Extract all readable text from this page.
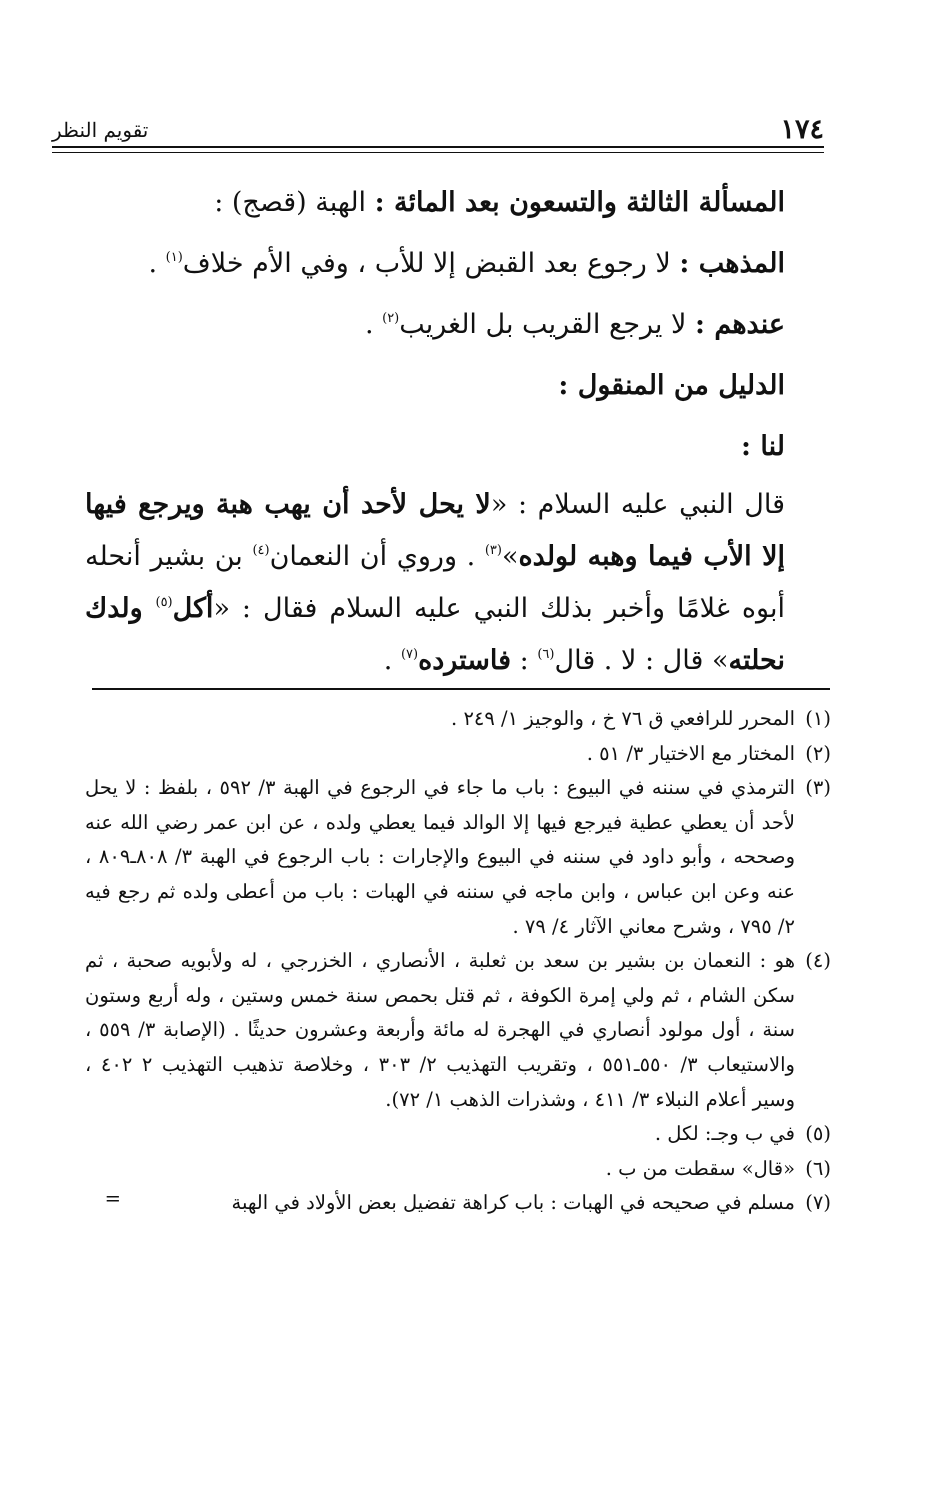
١٧٤
تقويم النظر

المسألة الثالثة والتسعون بعد المائة : الهبة (قصج) :

المذهب : لا رجوع بعد القبض إلا للأب ، وفي الأم خلاف$^{(١)}$ .

عندهم : لا يرجع القريب بل الغريب$^{(٢)}$ .

الدليل من المنقول :

لنا :

قال النبي عليه السلام : «لا يحل لأحد أن يهب هبة ويرجع فيها إلا الأب فيما وهبه لولده»$^{(٣)}$ . وروي أن النعمان$^{(٤)}$ بن بشير أنحله أبوه غلامًا وأخبر بذلك النبي عليه السلام فقال : «أكل$^{(٥)}$ ولدك نحلته» قال : لا . قال$^{(٦)}$ : فاسترده$^{(٧)}$ .

(١)المحرر للرافعي ق ٧٦ خ ، والوجيز ١/ ٢٤٩ .

(٢)المختار مع الاختيار ٣/ ٥١ .

(٣)الترمذي في سننه في البيوع : باب ما جاء في الرجوع في الهبة ٣/ ٥٩٢ ، بلفظ : لا يحل لأحد أن يعطي عطية فيرجع فيها إلا الوالد فيما يعطي ولده ، عن ابن عمر رضي الله عنه وصححه ، وأبو داود في سننه في البيوع والإجارات : باب الرجوع في الهبة ٣/ ٨٠٨ـ٨٠٩ ، عنه وعن ابن عباس ، وابن ماجه في سننه في الهبات : باب من أعطى ولده ثم رجع فيه ٢/ ٧٩٥ ، وشرح معاني الآثار ٤/ ٧٩ .

(٤)هو : النعمان بن بشير بن سعد بن ثعلبة ، الأنصاري ، الخزرجي ، له ولأبويه صحبة ، ثم سكن الشام ، ثم ولي إمرة الكوفة ، ثم قتل بحمص سنة خمس وستين ، وله أربع وستون سنة ، أول مولود أنصاري في الهجرة له مائة وأربعة وعشرون حديثًا . (الإصابة ٣/ ٥٥٩ ، والاستيعاب ٣/ ٥٥٠ـ٥٥١ ، وتقريب التهذيب ٢/ ٣٠٣ ، وخلاصة تذهيب التهذيب ٢ ٤٠٢ ، وسير أعلام النبلاء ٣/ ٤١١ ، وشذرات الذهب ١/ ٧٢).

(٥)في ب وجـ: لكل .

(٦)«قال» سقطت من ب .

(٧)مسلم في صحيحه في الهبات : باب كراهة تفضيل بعض الأولاد في الهبة
=
